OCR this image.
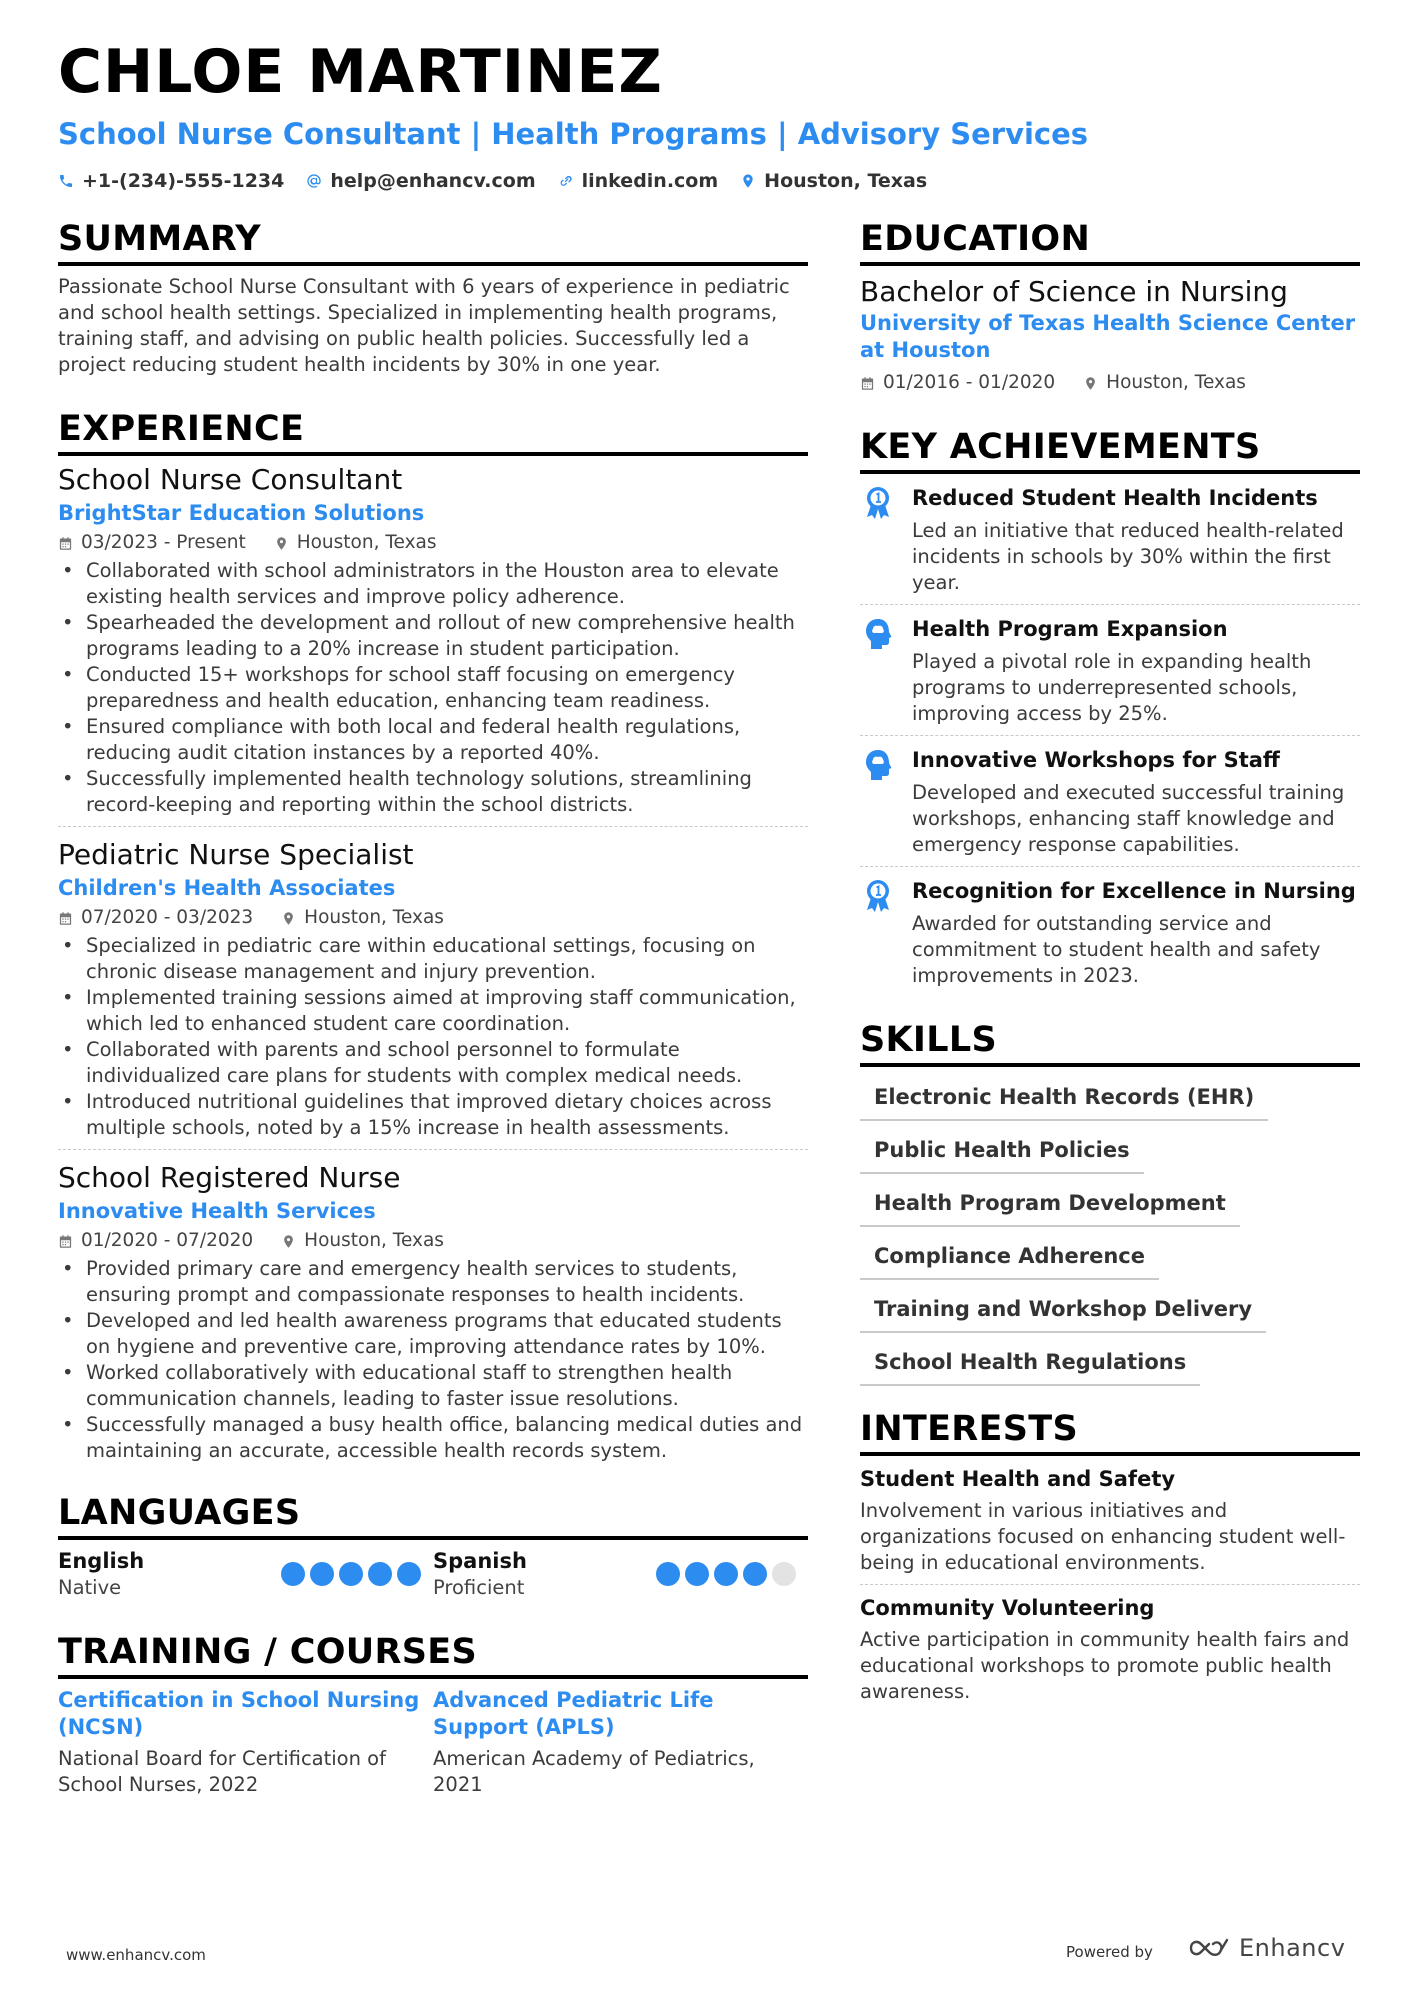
CHLOE MARTINEZ
School Nurse Consultant | Health Programs | Advisory Services
+1-(234)-555-1234 help@enhancv.com linkedin.com Houston, Texas
SUMMARY
Passionate School Nurse Consultant with 6 years of experience in pediatric and school health settings. Specialized in implementing health programs, training staff, and advising on public health policies. Successfully led a project reducing student health incidents by 30% in one year.
EXPERIENCE
School Nurse Consultant
BrightStar Education Solutions
03/2023 - Present	Houston, Texas
• Collaborated with school administrators in the Houston area to elevate existing health services and improve policy adherence.
• Spearheaded the development and rollout of new comprehensive health programs leading to a 20% increase in student participation.
• Conducted 15+ workshops for school staff focusing on emergency preparedness and health education, enhancing team readiness.
• Ensured compliance with both local and federal health regulations, reducing audit citation instances by a reported 40%.
• Successfully implemented health technology solutions, streamlining record-keeping and reporting within the school districts.
Pediatric Nurse Specialist
Children's Health Associates
07/2020 - 03/2023	Houston, Texas
• Specialized in pediatric care within educational settings, focusing on chronic disease management and injury prevention.
• Implemented training sessions aimed at improving staff communication, which led to enhanced student care coordination.
• Collaborated with parents and school personnel to formulate individualized care plans for students with complex medical needs.
• Introduced nutritional guidelines that improved dietary choices across multiple schools, noted by a 15% increase in health assessments.
School Registered Nurse
Innovative Health Services
01/2020 - 07/2020	Houston, Texas
• Provided primary care and emergency health services to students, ensuring prompt and compassionate responses to health incidents.
• Developed and led health awareness programs that educated students on hygiene and preventive care, improving attendance rates by 10%.
• Worked collaboratively with educational staff to strengthen health communication channels, leading to faster issue resolutions.
• Successfully managed a busy health office, balancing medical duties and maintaining an accurate, accessible health records system.
LANGUAGES
English
Native
Spanish
Proficient
TRAINING / COURSES
Certification in School Nursing (NCSN)
National Board for Certification of School Nurses, 2022
Advanced Pediatric Life Support (APLS)
American Academy of Pediatrics, 2021
EDUCATION
Bachelor of Science in Nursing
University of Texas Health Science Center at Houston
01/2016 - 01/2020	Houston, Texas
KEY ACHIEVEMENTS
Reduced Student Health Incidents
Led an initiative that reduced health-related incidents in schools by 30% within the first year.
Health Program Expansion
Played a pivotal role in expanding health programs to underrepresented schools, improving access by 25%.
Innovative Workshops for Staff
Developed and executed successful training workshops, enhancing staff knowledge and emergency response capabilities.
Recognition for Excellence in Nursing
Awarded for outstanding service and commitment to student health and safety improvements in 2023.
SKILLS
Electronic Health Records (EHR)
Public Health Policies
Health Program Development
Compliance Adherence
Training and Workshop Delivery
School Health Regulations
INTERESTS
Student Health and Safety
Involvement in various initiatives and organizations focused on enhancing student well-being in educational environments.
Community Volunteering
Active participation in community health fairs and educational workshops to promote public health awareness.
www.enhancv.com	Powered by	Enhancv
